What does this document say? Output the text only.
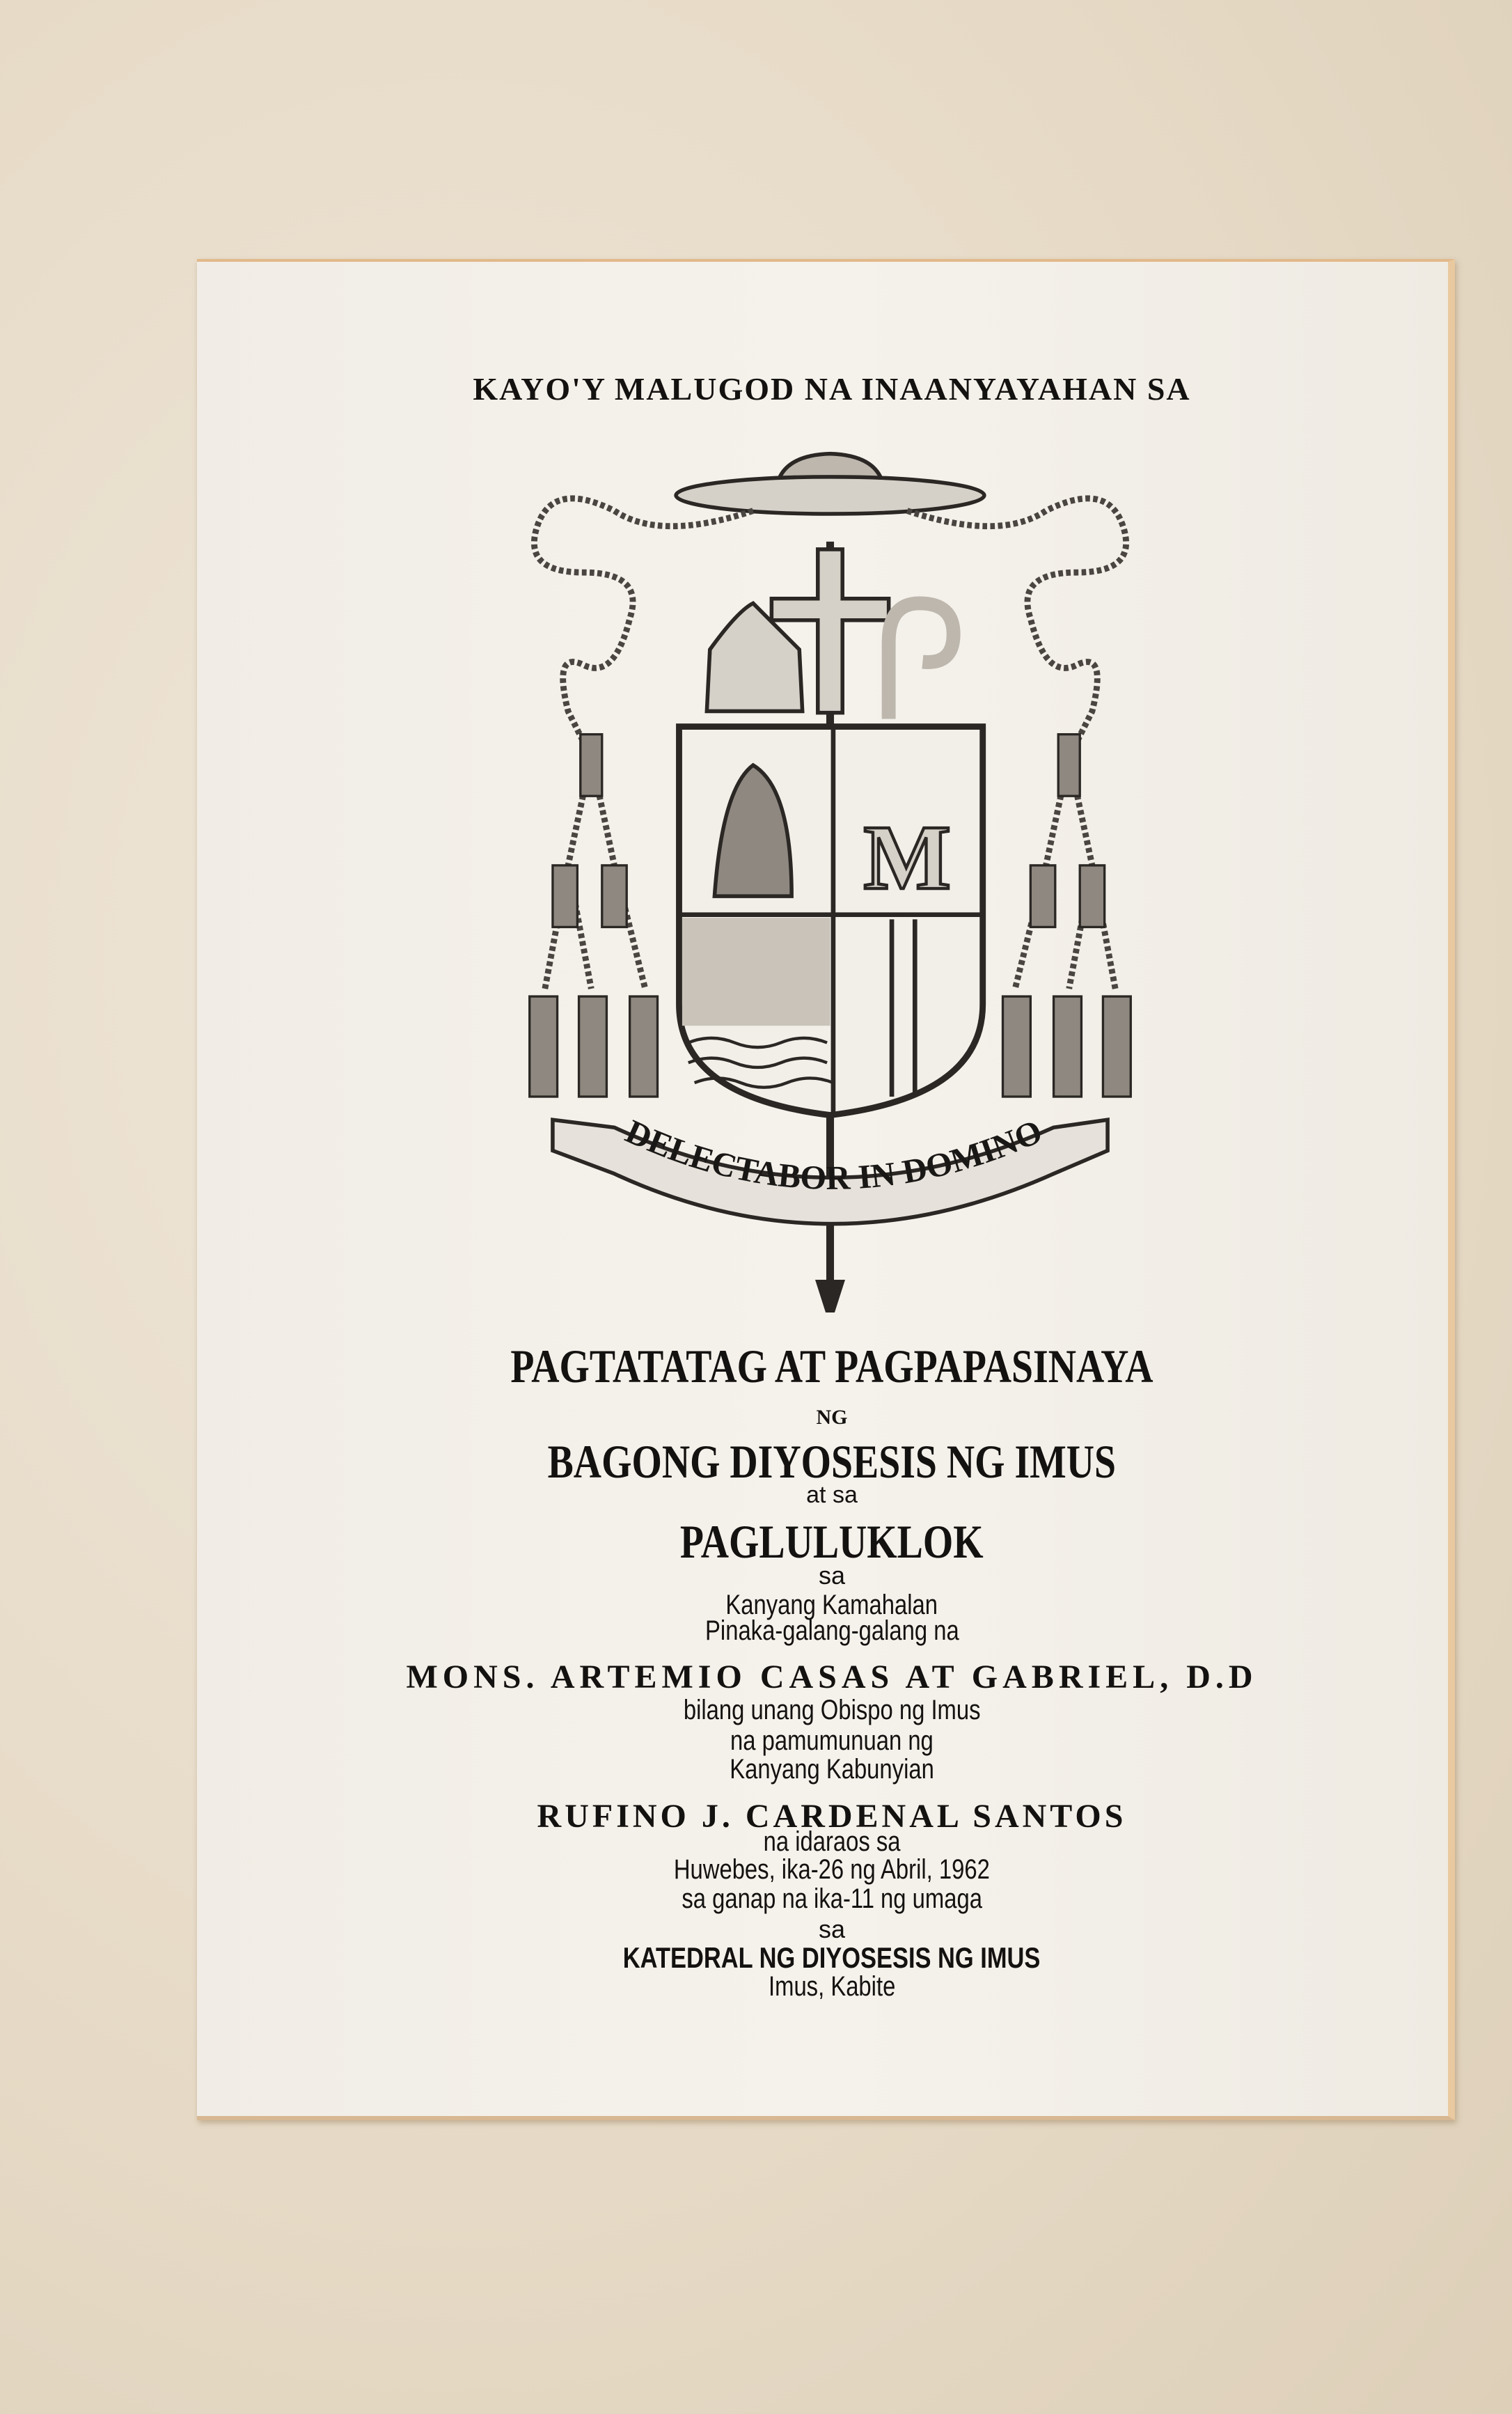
KAYO'Y MALUGOD NA INAANYAYAHAN SA
M
DELECTABOR IN DOMINO
PAGTATATAG AT PAGPAPASINAYA
NG
BAGONG DIYOSESIS NG IMUS
at sa
PAGLULUKLOK
sa
Kanyang Kamahalan
Pinaka-galang-galang na
MONS. ARTEMIO CASAS AT GABRIEL, D.D
bilang unang Obispo ng Imus
na pamumunuan ng
Kanyang Kabunyian
RUFINO J. CARDENAL SANTOS
na idaraos sa
Huwebes, ika-26 ng Abril, 1962
sa ganap na ika-11 ng umaga
sa
KATEDRAL NG DIYOSESIS NG IMUS
Imus, Kabite
